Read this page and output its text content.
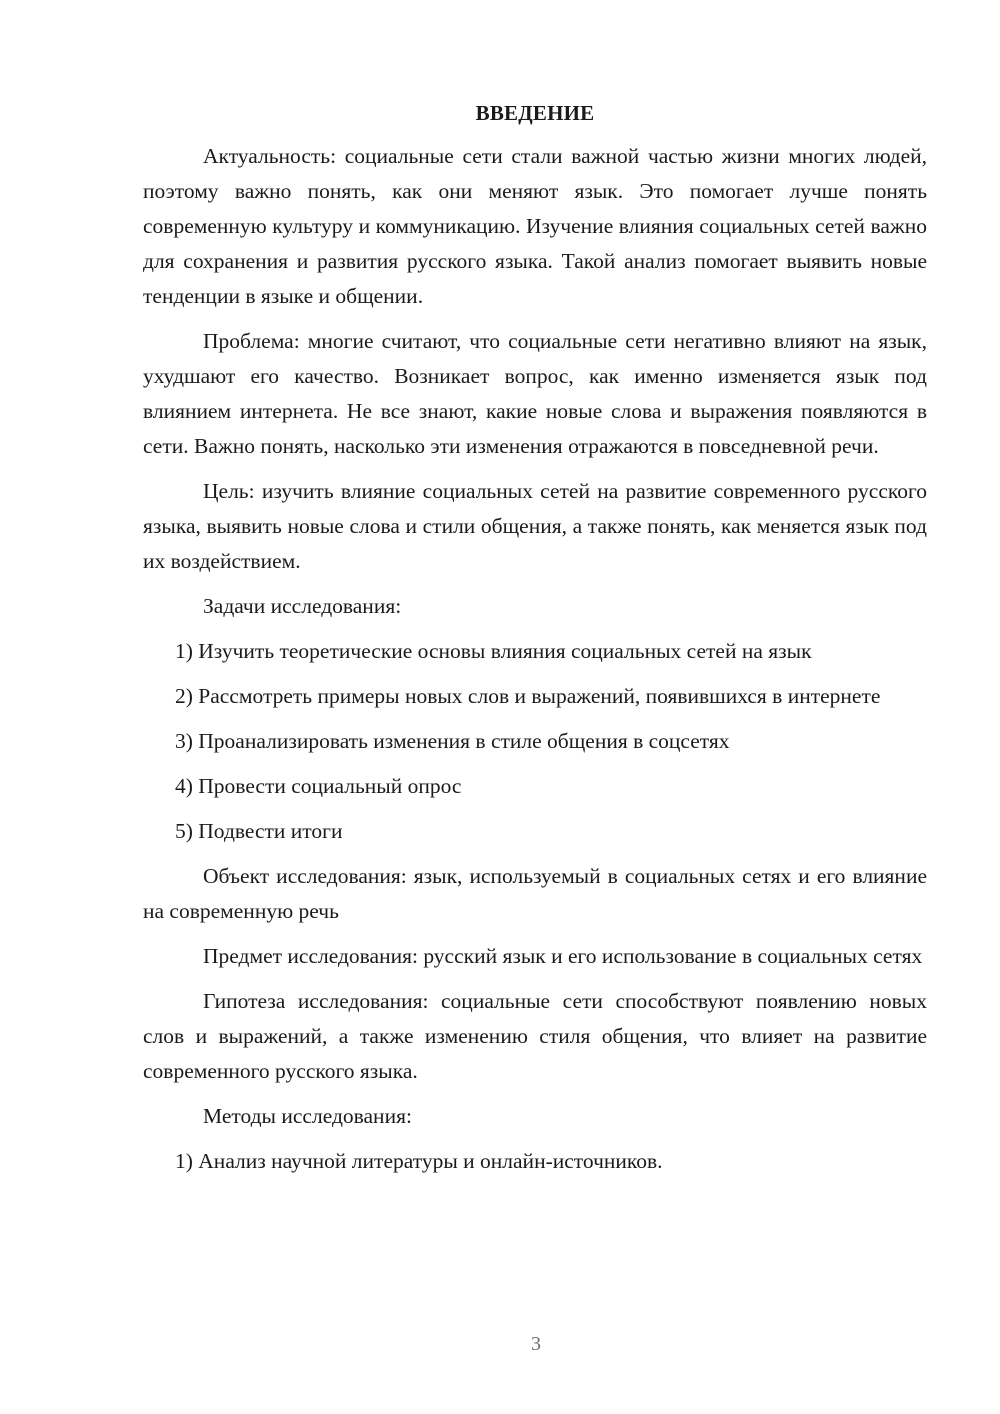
ВВЕДЕНИЕ

Актуальность: социальные сети стали важной частью жизни многих людей, поэтому важно понять, как они меняют язык. Это помогает лучше понять современную культуру и коммуникацию. Изучение влияния социальных сетей важно для сохранения и развития русского языка. Такой анализ помогает выявить новые тенденции в языке и общении.

Проблема: многие считают, что социальные сети негативно влияют на язык, ухудшают его качество. Возникает вопрос, как именно изменяется язык под влиянием интернета. Не все знают, какие новые слова и выражения появляются в сети. Важно понять, насколько эти изменения отражаются в повседневной речи.

Цель: изучить влияние социальных сетей на развитие современного русского языка, выявить новые слова и стили общения, а также понять, как меняется язык под их воздействием.

Задачи исследования:

1) Изучить теоретические основы влияния социальных сетей на язык

2) Рассмотреть примеры новых слов и выражений, появившихся в интернете

3) Проанализировать изменения в стиле общения в соцсетях

4) Провести социальный опрос

5) Подвести итоги

Объект исследования: язык, используемый в социальных сетях и его влияние на современную речь

Предмет исследования: русский язык и его использование в социальных сетях

Гипотеза исследования: социальные сети способствуют появлению новых слов и выражений, а также изменению стиля общения, что влияет на развитие современного русского языка.

Методы исследования:

1) Анализ научной литературы и онлайн-источников.

3
